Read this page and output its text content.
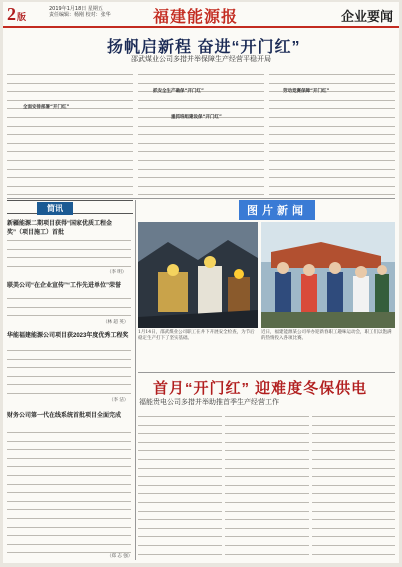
2版
2019年1月18日 星期五
责任编辑：杨刚 校对：张华	福建能源报	企业要闻
扬帆启新程 奋进“开门红”
邵武煤业公司多措并举保障生产经营平稳开局
全面安排部署“开门红”
抓安全生产确保“开门红”
重抓班组建设保“开门红”
劳动竞赛保障“开门红”
简讯
新疆能源二期项目获得“国家优质工程金奖”（项目施工）首批
（李 明）
联美公司“在企业宣传”“工作先进单位”荣誉
（林 超 英）
华能福建能源公司项目获2023年度优秀工程奖
（李 洁）
财务公司第一代在线系统首批项目全面完成
（郑 志 强）
图片新闻
1月14日，邵武煤业公司职工在井下开展安全检查，为节后稳定生产打下了坚实基础。
近日，福建能源某公司举办迎新春职工趣味运动会，职工们以饱满的热情投入各项比赛。
首月“开门红” 迎难度冬保供电
福能贵电公司多措并举助推首季生产经营工作
